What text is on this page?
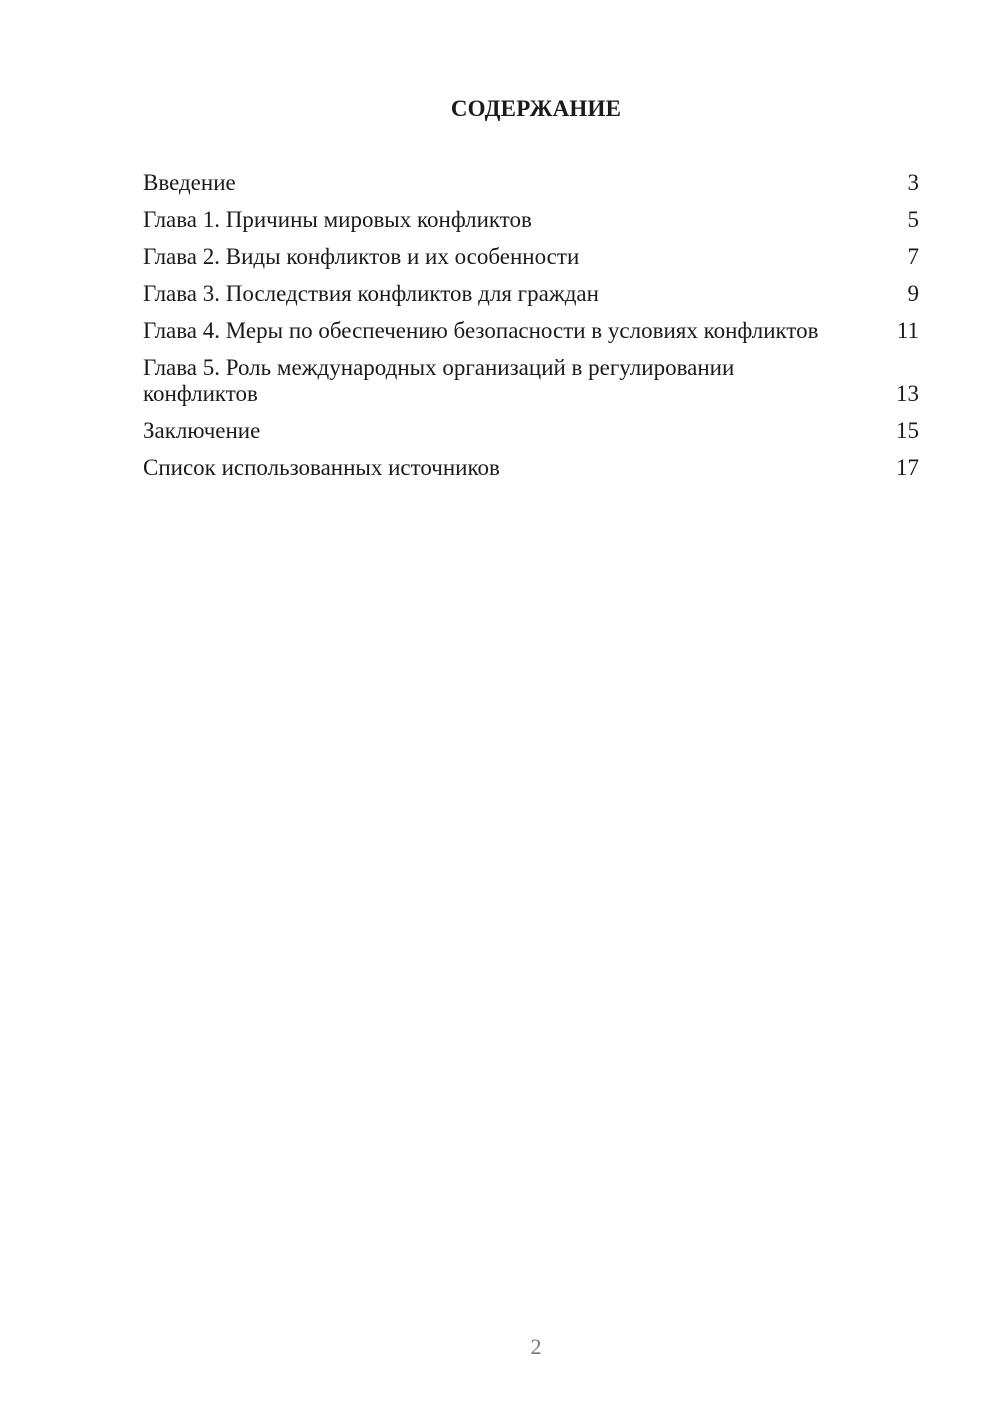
СОДЕРЖАНИЕ
Введение	3
Глава 1. Причины мировых конфликтов	5
Глава 2. Виды конфликтов и их особенности	7
Глава 3. Последствия конфликтов для граждан	9
Глава 4. Меры по обеспечению безопасности в условиях конфликтов	11
Глава 5. Роль международных организаций в регулировании конфликтов	13
Заключение	15
Список использованных источников	17
2
